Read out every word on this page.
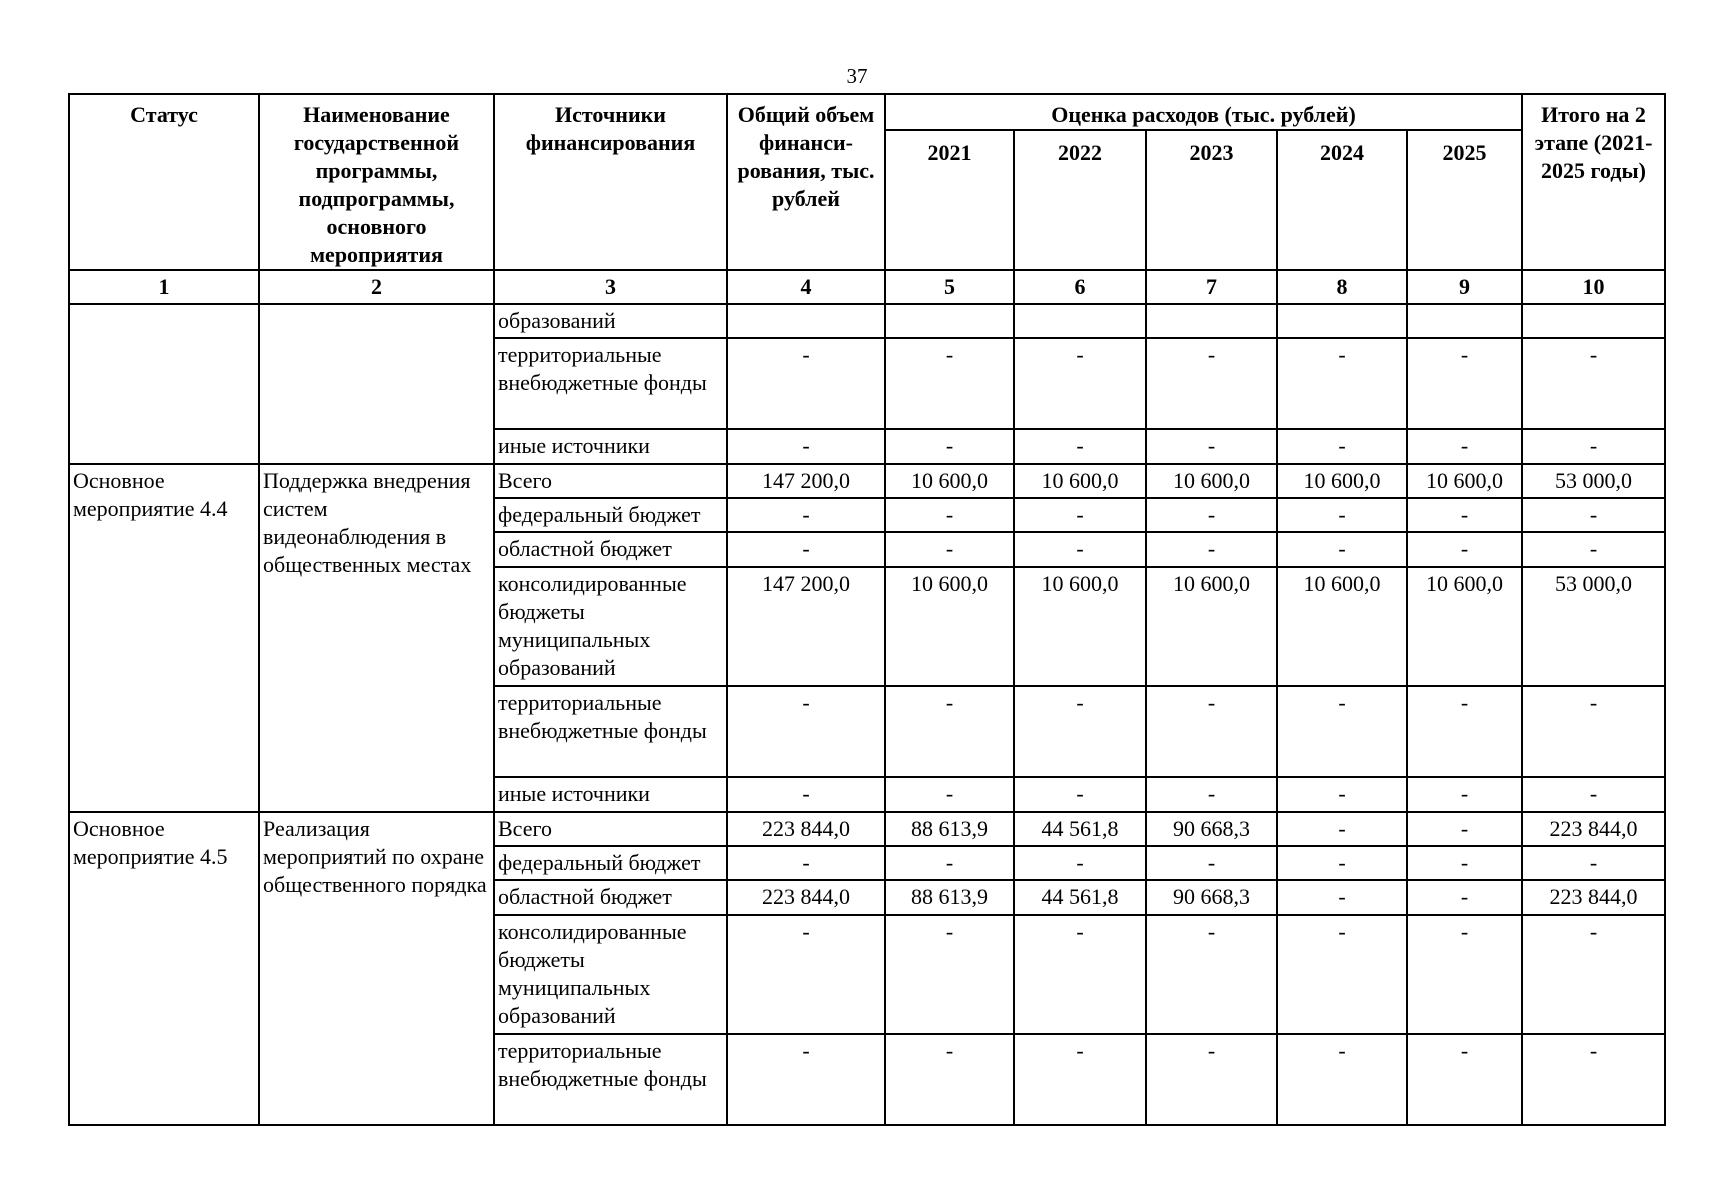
37
Статус	Наименование государственной программы, подпрограммы, основного мероприятия	Источники финансирования	Общий объем финанси- рования, тыс. рублей	Оценка расходов (тыс. рублей)					Итого на 2 этапе (2021-2025 годы)
				2021	2022	2023	2024	2025	
1	2	3	4	5	6	7	8	9	10
		образований							
		территориальные внебюджетные фонды	-	-	-	-	-	-	-
		иные источники	-	-	-	-	-	-	-
Основное мероприятие 4.4	Поддержка внедрения систем видеонаблюдения в общественных местах	Всего	147 200,0	10 600,0	10 600,0	10 600,0	10 600,0	10 600,0	53 000,0
		федеральный бюджет	-	-	-	-	-	-	-
		областной бюджет	-	-	-	-	-	-	-
		консолидированные бюджеты муниципальных образований	147 200,0	10 600,0	10 600,0	10 600,0	10 600,0	10 600,0	53 000,0
		территориальные внебюджетные фонды	-	-	-	-	-	-	-
		иные источники	-	-	-	-	-	-	-
Основное мероприятие 4.5	Реализация мероприятий по охране общественного порядка	Всего	223 844,0	88 613,9	44 561,8	90 668,3	-	-	223 844,0
		федеральный бюджет	-	-	-	-	-	-	-
		областной бюджет	223 844,0	88 613,9	44 561,8	90 668,3	-	-	223 844,0
		консолидированные бюджеты муниципальных образований	-	-	-	-	-	-	-
		территориальные внебюджетные фонды	-	-	-	-	-	-	-
